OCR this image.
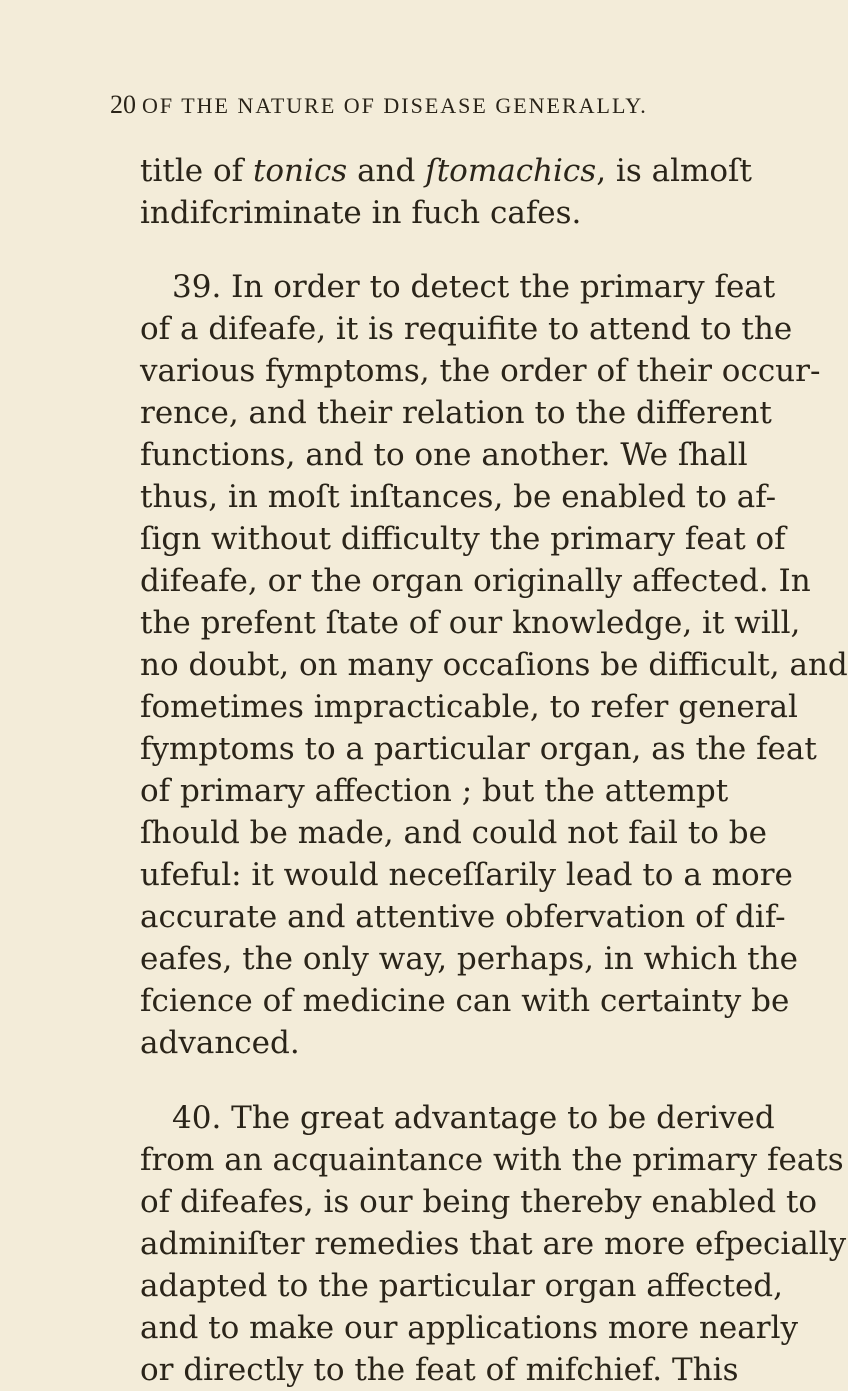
20 OF THE NATURE OF DISEASE GENERALLY.
title of tonics and ſtomachics, is almoſt
indifcriminate in fuch cafes.
39. In order to detect the primary feat
of a difeafe, it is requifite to attend to the
various fymptoms, the order of their occur-
rence, and their relation to the different
functions, and to one another. We ſhall
thus, in moſt inſtances, be enabled to af-
ſign without difficulty the primary feat of
difeafe, or the organ originally affected. In
the prefent ſtate of our knowledge, it will,
no doubt, on many occaſions be difficult, and
fometimes impracticable, to refer general
fymptoms to a particular organ, as the feat
of primary affection ; but the attempt
ſhould be made, and could not fail to be
ufeful: it would neceſſarily lead to a more
accurate and attentive obfervation of dif-
eafes, the only way, perhaps, in which the
fcience of medicine can with certainty be
advanced.
40. The great advantage to be derived
from an acquaintance with the primary feats
of difeafes, is our being thereby enabled to
adminiſter remedies that are more efpecially
adapted to the particular organ affected,
and to make our applications more nearly
or directly to the feat of mifchief. This
